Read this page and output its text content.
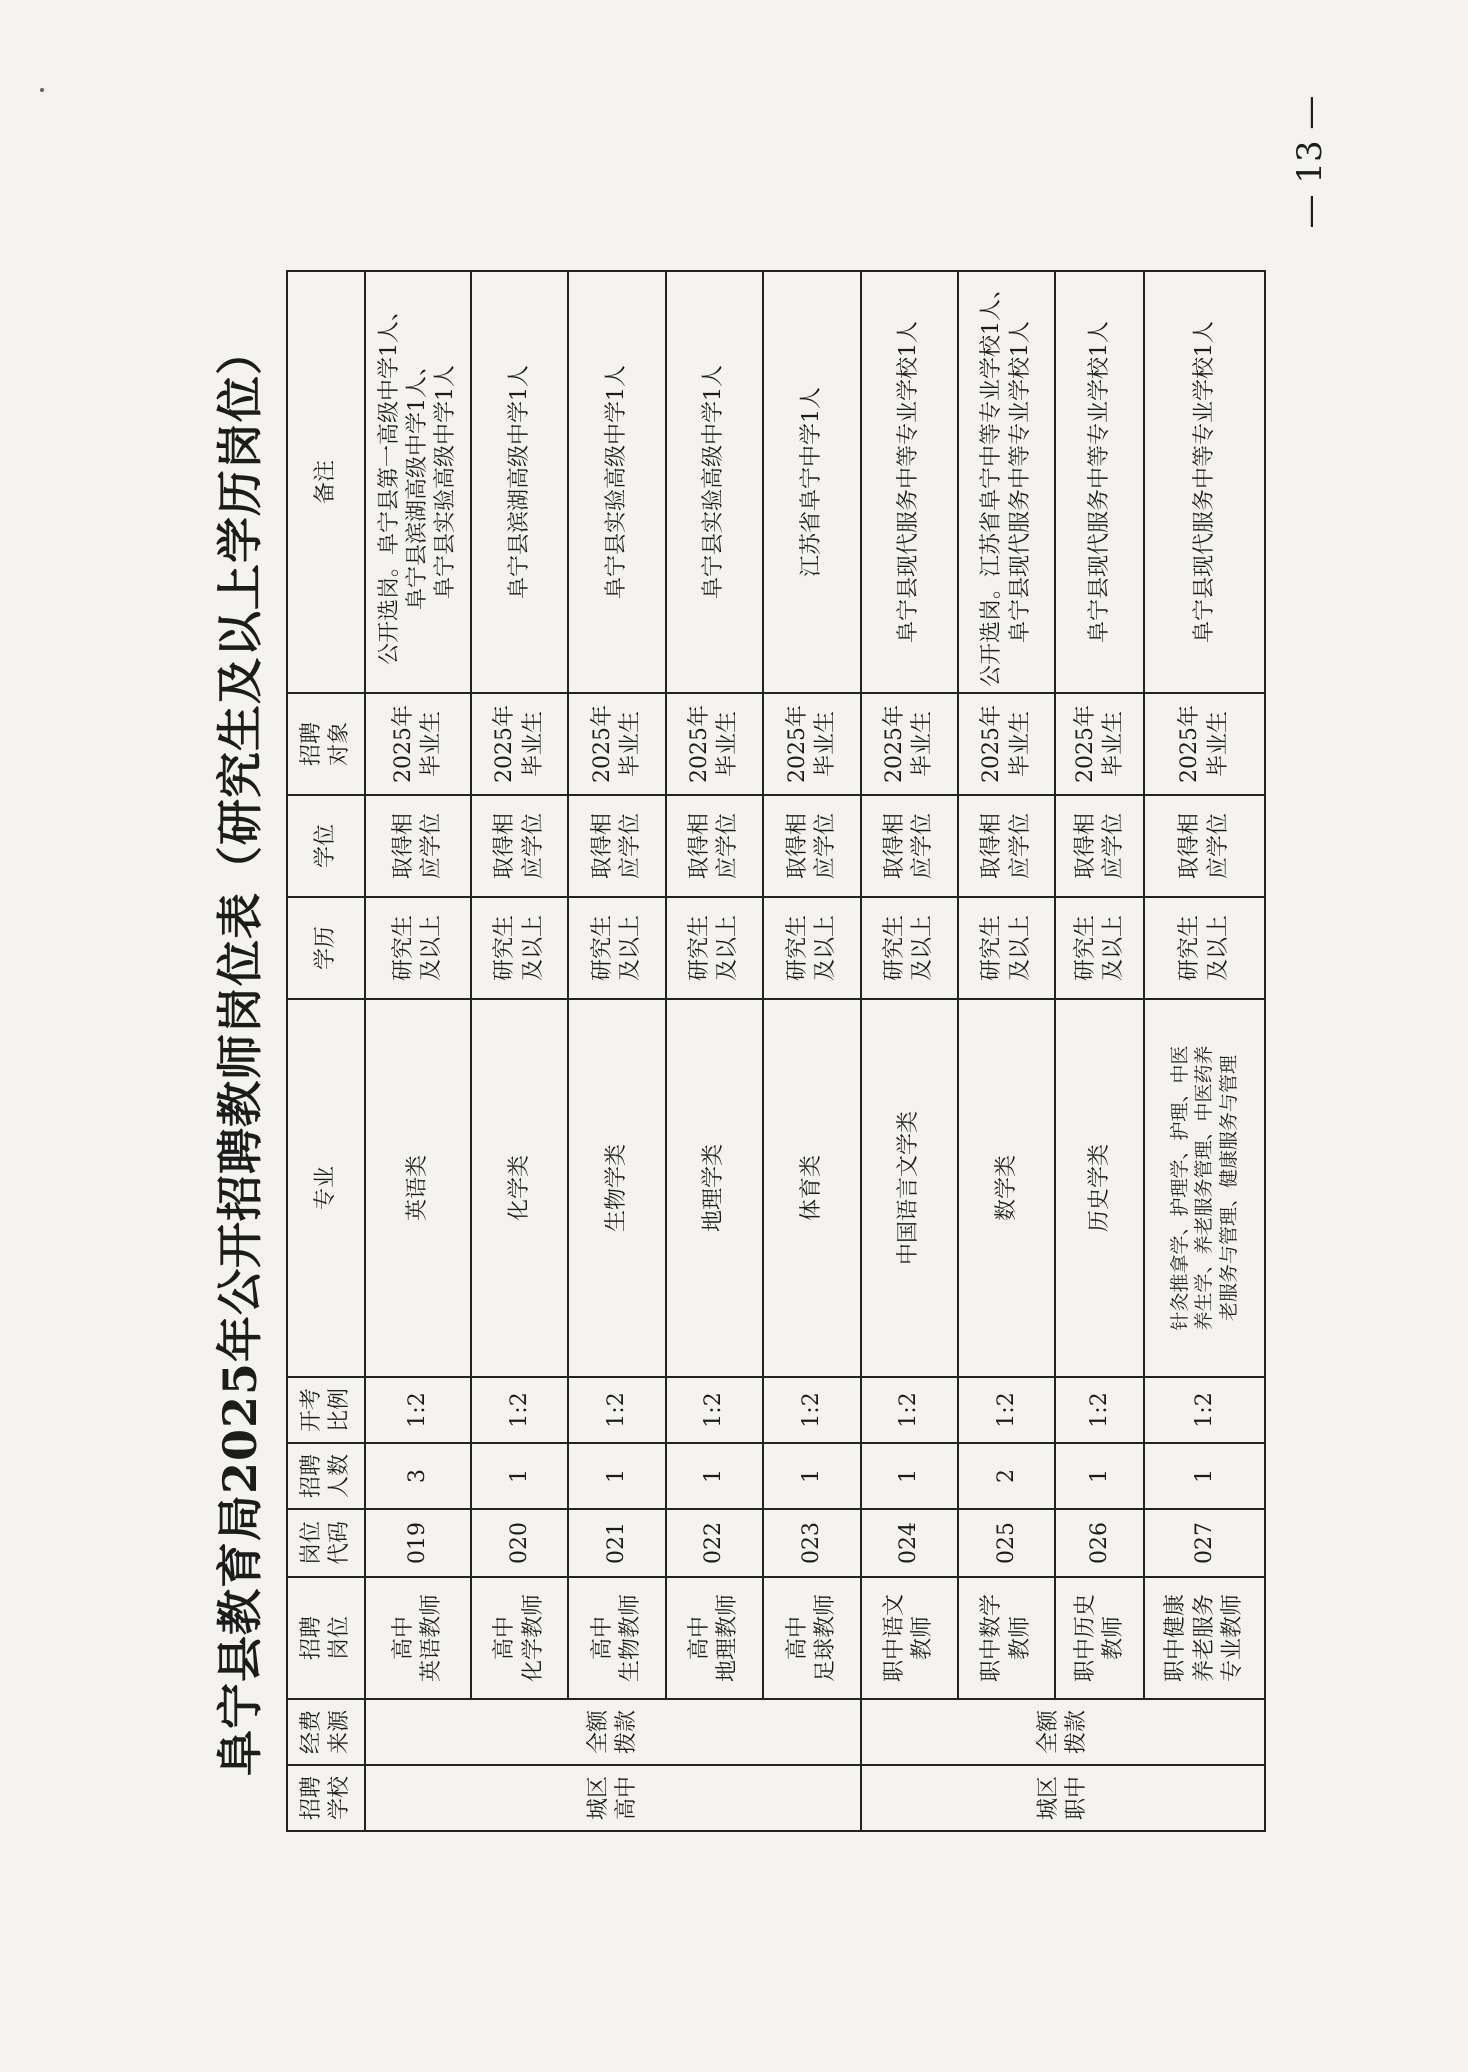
阜宁县教育局2025年公开招聘教师岗位表（研究生及以上学历岗位）
招聘 学校	经费 来源	招聘 岗位	岗位 代码	招聘 人数	开考 比例	专业	学历	学位	招聘 对象	备注
城区 高中	全额 拨款	高中 英语教师	019	3	1:2	英语类	研究生 及以上	取得相 应学位	2025年 毕业生	公开选岗。阜宁县第一高级中学1人、 阜宁县滨湖高级中学1人、 阜宁县实验高级中学1人
		高中 化学教师	020	1	1:2	化学类	研究生 及以上	取得相 应学位	2025年 毕业生	阜宁县滨湖高级中学1人
		高中 生物教师	021	1	1:2	生物学类	研究生 及以上	取得相 应学位	2025年 毕业生	阜宁县实验高级中学1人
		高中 地理教师	022	1	1:2	地理学类	研究生 及以上	取得相 应学位	2025年 毕业生	阜宁县实验高级中学1人
		高中 足球教师	023	1	1:2	体育类	研究生 及以上	取得相 应学位	2025年 毕业生	江苏省阜宁中学1人
城区 职中	全额 拨款	职中语文 教师	024	1	1:2	中国语言文学类	研究生 及以上	取得相 应学位	2025年 毕业生	阜宁县现代服务中等专业学校1人
		职中数学 教师	025	2	1:2	数学类	研究生 及以上	取得相 应学位	2025年 毕业生	公开选岗。江苏省阜宁中等专业学校1人、 阜宁县现代服务中等专业学校1人
		职中历史 教师	026	1	1:2	历史学类	研究生 及以上	取得相 应学位	2025年 毕业生	阜宁县现代服务中等专业学校1人
		职中健康 养老服务 专业教师	027	1	1:2	针灸推拿学、护理学、护理、中医 养生学、养老服务管理、中医药养 老服务与管理、健康服务与管理	研究生 及以上	取得相 应学位	2025年 毕业生	阜宁县现代服务中等专业学校1人
— 13 —
